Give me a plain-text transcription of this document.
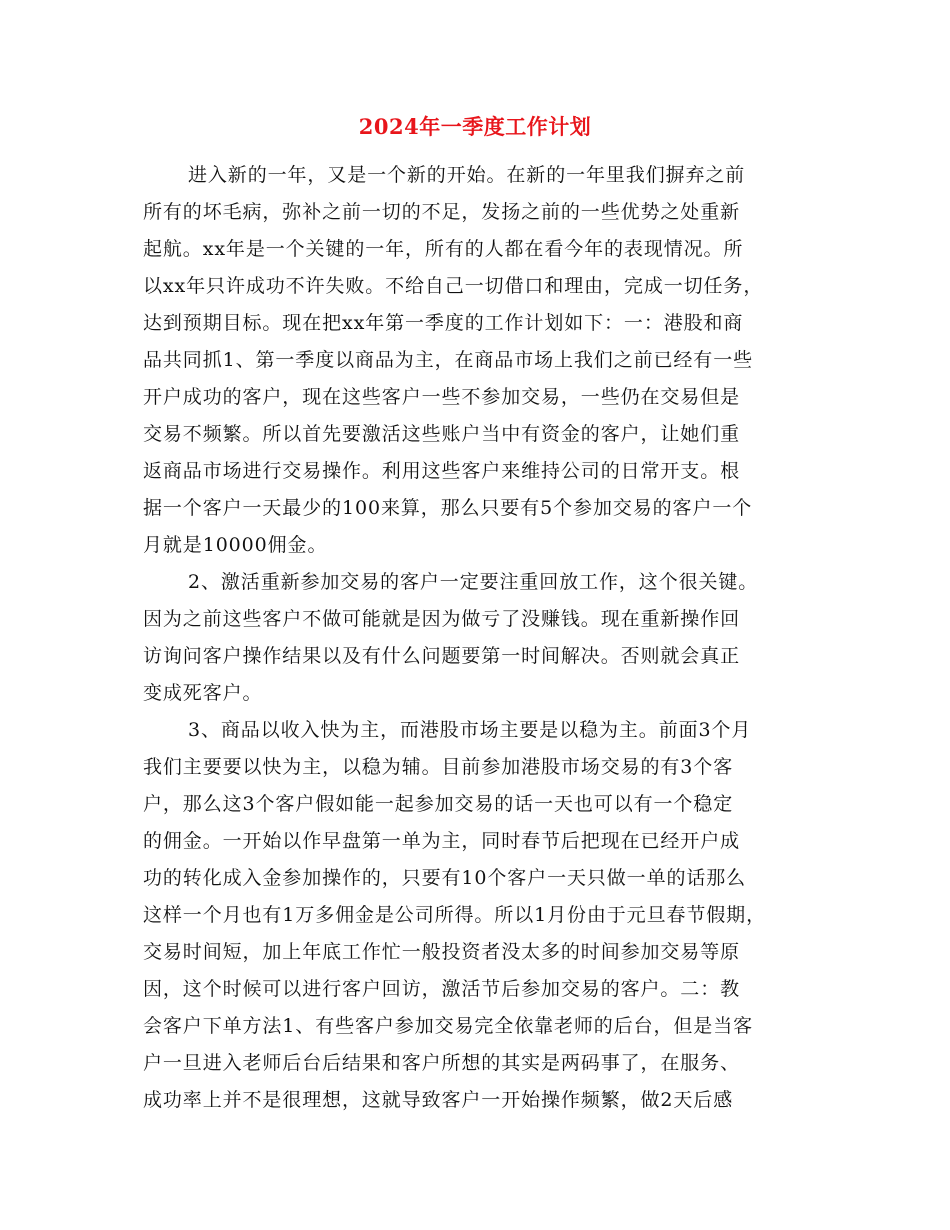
2024年一季度工作计划
进入新的一年，又是一个新的开始。在新的一年里我们摒弃之前
所有的坏毛病，弥补之前一切的不足，发扬之前的一些优势之处重新
起航。xx年是一个关键的一年，所有的人都在看今年的表现情况。所
以xx年只许成功不许失败。不给自己一切借口和理由，完成一切任务，
达到预期目标。现在把xx年第一季度的工作计划如下：一：港股和商
品共同抓1、第一季度以商品为主，在商品市场上我们之前已经有一些
开户成功的客户，现在这些客户一些不参加交易，一些仍在交易但是
交易不频繁。所以首先要激活这些账户当中有资金的客户，让她们重
返商品市场进行交易操作。利用这些客户来维持公司的日常开支。根
据一个客户一天最少的100来算，那么只要有5个参加交易的客户一个
月就是10000佣金。
2、激活重新参加交易的客户一定要注重回放工作，这个很关键。
因为之前这些客户不做可能就是因为做亏了没赚钱。现在重新操作回
访询问客户操作结果以及有什么问题要第一时间解决。否则就会真正
变成死客户。
3、商品以收入快为主，而港股市场主要是以稳为主。前面3个月
我们主要要以快为主，以稳为辅。目前参加港股市场交易的有3个客
户，那么这3个客户假如能一起参加交易的话一天也可以有一个稳定
的佣金。一开始以作早盘第一单为主，同时春节后把现在已经开户成
功的转化成入金参加操作的，只要有10个客户一天只做一单的话那么
这样一个月也有1万多佣金是公司所得。所以1月份由于元旦春节假期，
交易时间短，加上年底工作忙一般投资者没太多的时间参加交易等原
因，这个时候可以进行客户回访，激活节后参加交易的客户。二：教
会客户下单方法1、有些客户参加交易完全依靠老师的后台，但是当客
户一旦进入老师后台后结果和客户所想的其实是两码事了，在服务、
成功率上并不是很理想，这就导致客户一开始操作频繁，做2天后感
